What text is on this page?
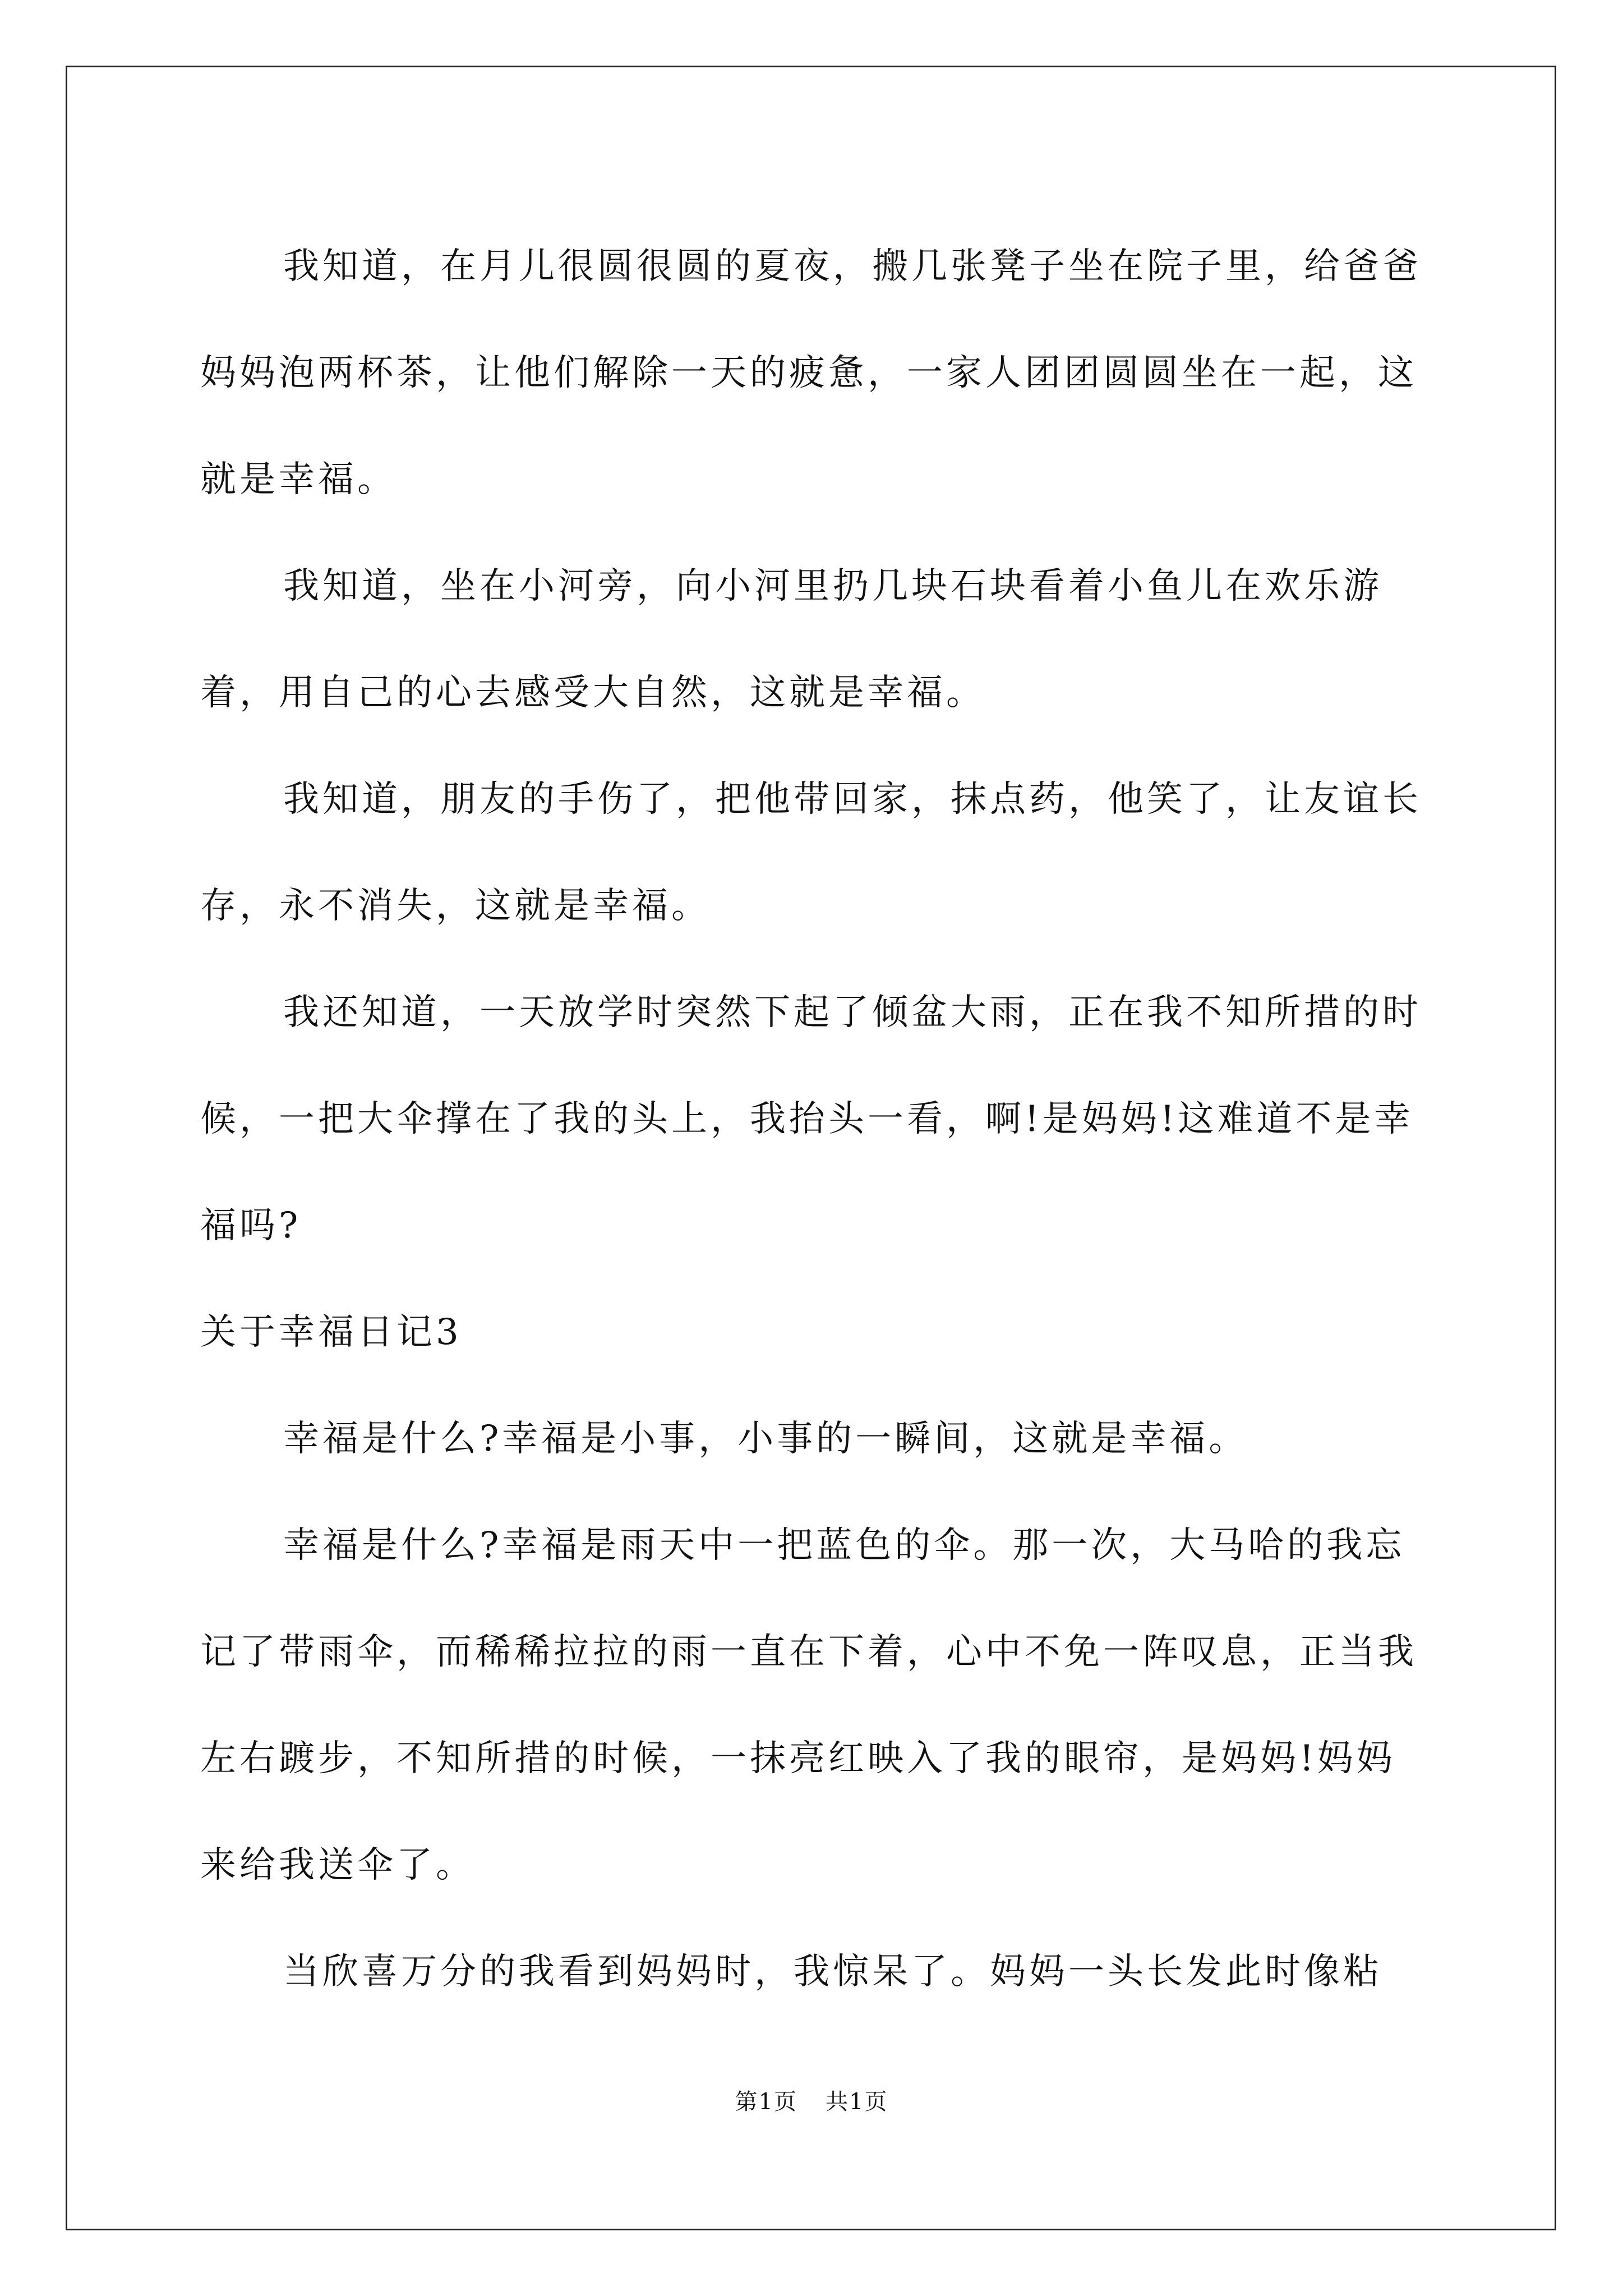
我知道，在月儿很圆很圆的夏夜，搬几张凳子坐在院子里，给爸爸妈妈泡两杯茶，让他们解除一天的疲惫，一家人团团圆圆坐在一起，这就是幸福。

我知道，坐在小河旁，向小河里扔几块石块看着小鱼儿在欢乐游着，用自己的心去感受大自然，这就是幸福。

我知道，朋友的手伤了，把他带回家，抹点药，他笑了，让友谊长存，永不消失，这就是幸福。

我还知道，一天放学时突然下起了倾盆大雨，正在我不知所措的时候，一把大伞撑在了我的头上，我抬头一看，啊!是妈妈!这难道不是幸福吗?

关于幸福日记3

幸福是什么?幸福是小事，小事的一瞬间，这就是幸福。

幸福是什么?幸福是雨天中一把蓝色的伞。那一次，大马哈的我忘记了带雨伞，而稀稀拉拉的雨一直在下着，心中不免一阵叹息，正当我左右踱步，不知所措的时候，一抹亮红映入了我的眼帘，是妈妈!妈妈来给我送伞了。

当欣喜万分的我看到妈妈时，我惊呆了。妈妈一头长发此时像粘

第1页 共1页
